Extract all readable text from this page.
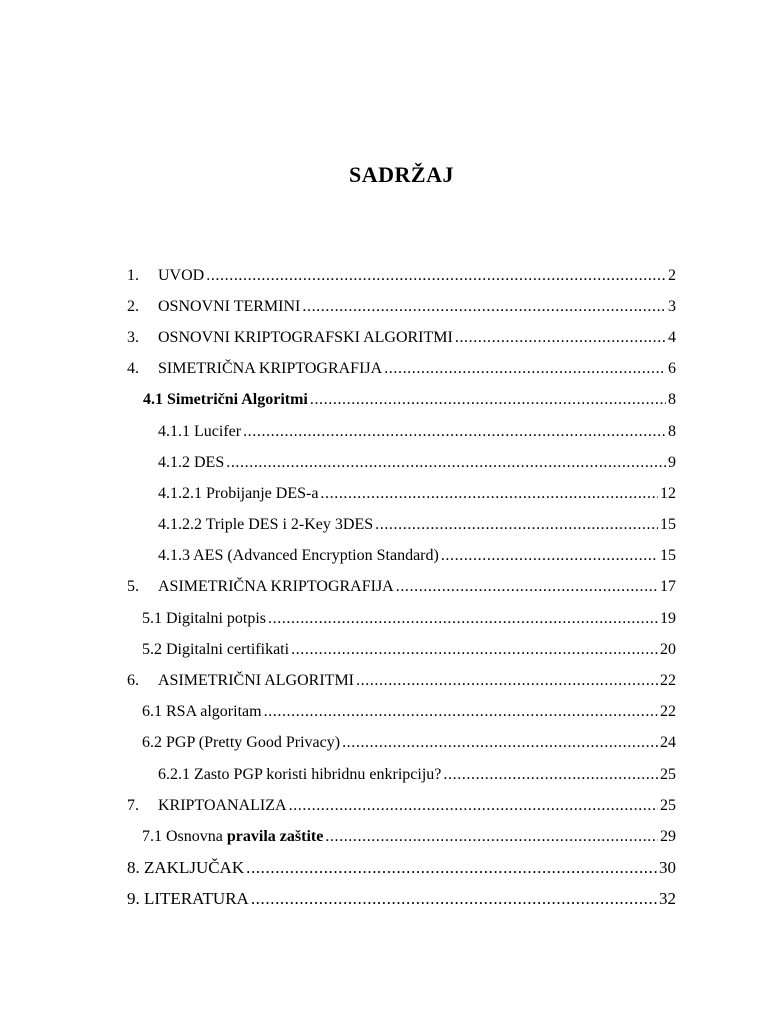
SADRŽAJ
1.	UVOD .....	2
2.	OSNOVNI TERMINI .....	3
3.	OSNOVNI KRIPTOGRAFSKI ALGORITMI .....	4
4.	SIMETRIČNA KRIPTOGRAFIJA .....	6
4.1 Simetrični Algoritmi .....	8
4.1.1 Lucifer .....	8
4.1.2 DES .....	9
4.1.2.1 Probijanje DES-a .....	12
4.1.2.2 Triple DES i 2-Key 3DES .....	15
4.1.3 AES (Advanced Encryption Standard) .....	15
5.	ASIMETRIČNA KRIPTOGRAFIJA .....	17
5.1 Digitalni potpis .....	19
5.2 Digitalni certifikati .....	20
6.	ASIMETRIČNI ALGORITMI .....	22
6.1 RSA algoritam .....	22
6.2 PGP (Pretty Good Privacy) .....	24
6.2.1 Zasto PGP koristi hibridnu enkripciju? .....	25
7.	KRIPTOANALIZA .....	25
7.1 Osnovna pravila zaštite .....	29
8. ZAKLJUČAK .....	30
9. LITERATURA .....	32
